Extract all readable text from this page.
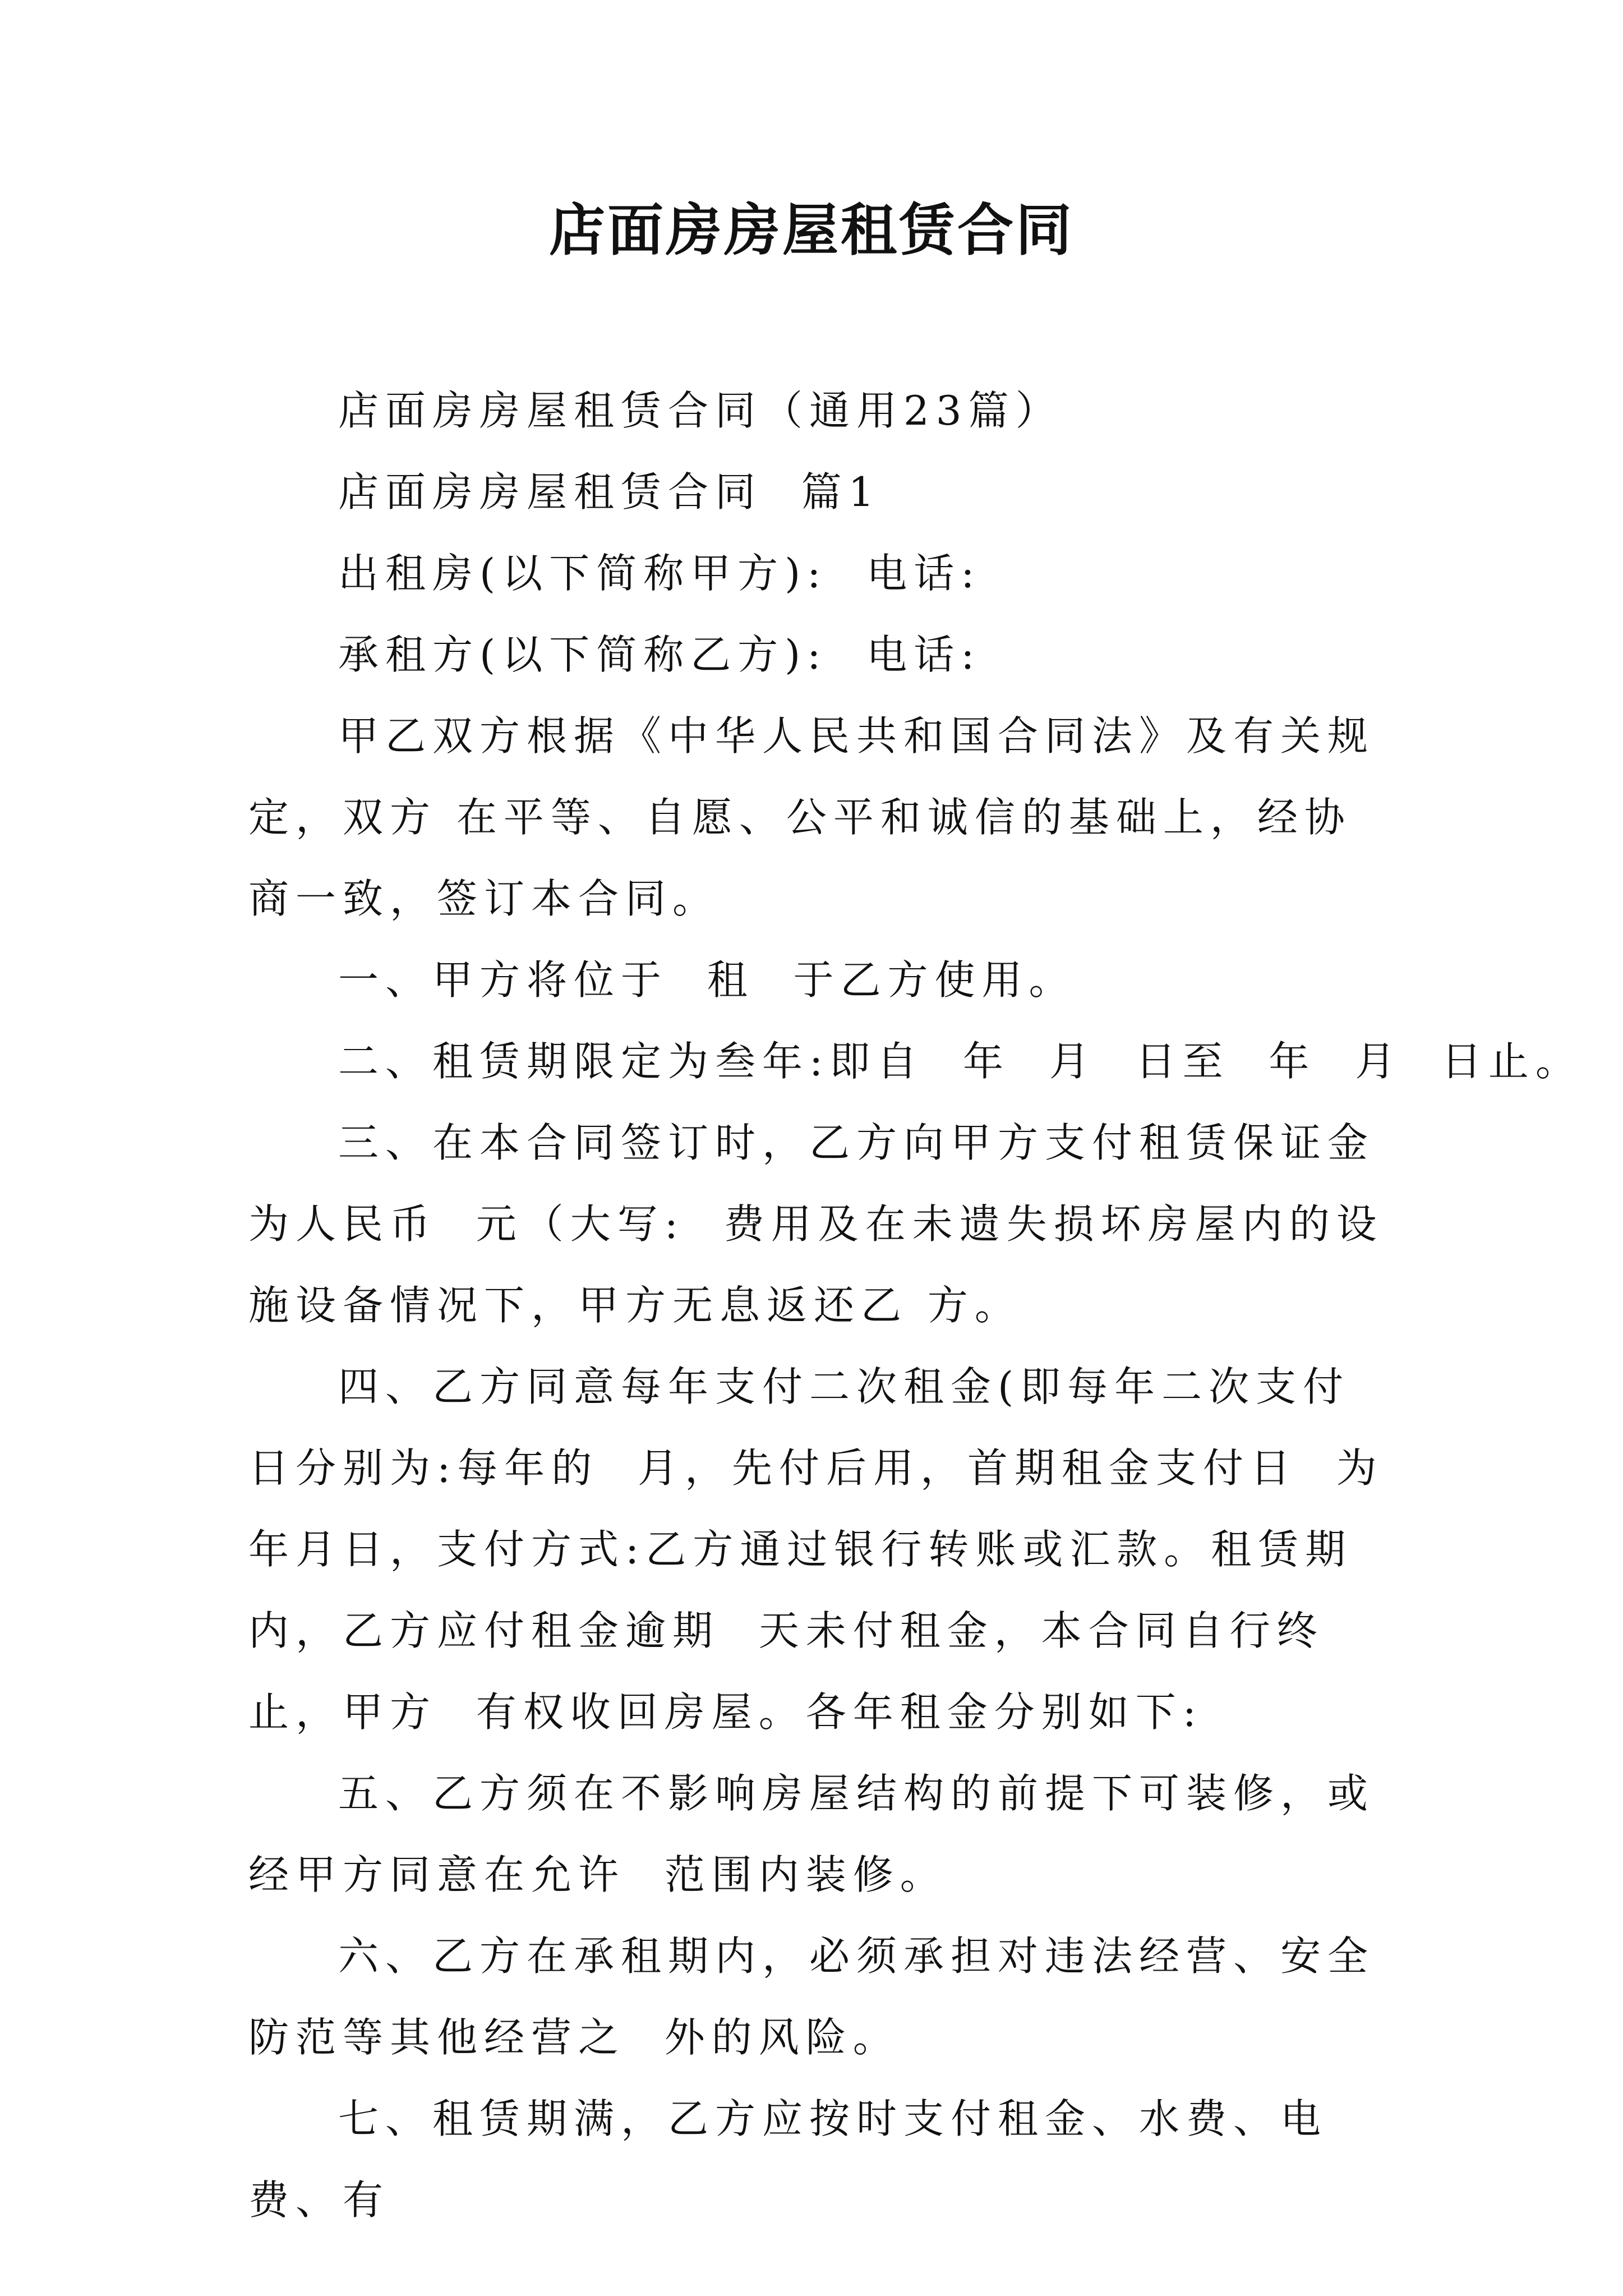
店面房房屋租赁合同

店面房房屋租赁合同（通用23篇）

店面房房屋租赁合同  篇1

出租房(以下简称甲方):  电话:

承租方(以下简称乙方):  电话:

甲乙双方根据《中华人民共和国合同法》及有关规定，双方 在平等、自愿、公平和诚信的基础上，经协商一致，签订本合同。

一、甲方将位于  租  于乙方使用。

二、租赁期限定为叁年:即自  年  月  日至  年  月  日止。

三、在本合同签订时，乙方向甲方支付租赁保证金为人民币  元（大写:  费用及在未遗失损坏房屋内的设施设备情况下，甲方无息返还乙 方。

四、乙方同意每年支付二次租金(即每年二次支付日分别为:每年的  月，先付后用，首期租金支付日  为年月日，支付方式:乙方通过银行转账或汇款。租赁期内，乙方应付租金逾期  天未付租金，本合同自行终止，甲方  有权收回房屋。各年租金分别如下:

五、乙方须在不影响房屋结构的前提下可装修，或经甲方同意在允许  范围内装修。

六、乙方在承租期内，必须承担对违法经营、安全防范等其他经营之  外的风险。

七、租赁期满，乙方应按时支付租金、水费、电费、有
